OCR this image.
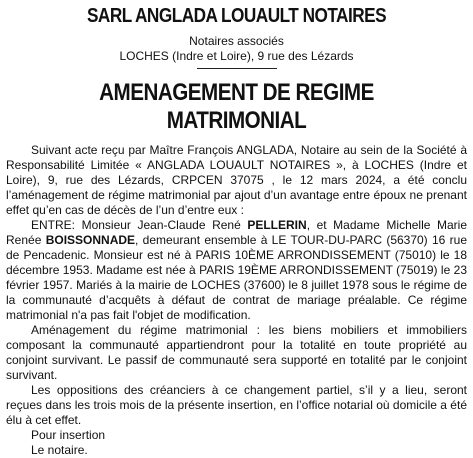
SARL ANGLADA LOUAULT NOTAIRES

Notaires associés

LOCHES (Indre et Loire), 9 rue des Lézards

AMENAGEMENT DE REGIME MATRIMONIAL

Suivant acte reçu par Maître François ANGLADA, Notaire au sein de la Société à Responsabilité Limitée « ANGLADA LOUAULT NOTAIRES », à LOCHES (Indre et Loire), 9, rue des Lézards, CRPCEN 37075 , le 12 mars 2024, a été conclu l’aménagement de régime matrimonial par ajout d’un avantage entre époux ne prenant effet qu’en cas de décès de l’un d’entre eux :

ENTRE: Monsieur Jean-Claude René PELLERIN, et Madame Michelle Marie Renée BOISSONNADE, demeurant ensemble à LE TOUR-DU-PARC (56370) 16 rue de Pencadenic. Monsieur est né à PARIS 10ÈME ARRONDISSEMENT (75010) le 18 décembre 1953. Madame est née à PARIS 19ÈME ARRONDISSEMENT (75019) le 23 février 1957. Mariés à la mairie de LOCHES (37600) le 8 juillet 1978 sous le régime de la communauté d’acquêts à défaut de contrat de mariage préalable. Ce régime matrimonial n'a pas fait l'objet de modification.

Aménagement du régime matrimonial : les biens mobiliers et immobiliers composant la communauté appartiendront pour la totalité en toute propriété au conjoint survivant. Le passif de communauté sera supporté en totalité par le conjoint survivant.

Les oppositions des créanciers à ce changement partiel, s’il y a lieu, seront reçues dans les trois mois de la présente insertion, en l’office notarial où domicile a été élu à cet effet.

Pour insertion

Le notaire.
